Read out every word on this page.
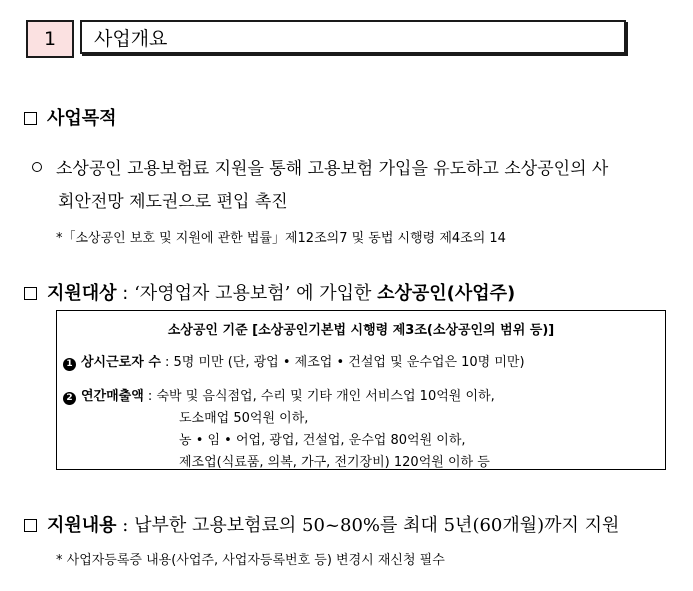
1	사업개요
사업목적
소상공인 고용보험료 지원을 통해 고용보험 가입을 유도하고 소상공인의 사
회안전망 제도권으로 편입 촉진
*「소상공인 보호 및 지원에 관한 법률」제12조의7 및 동법 시행령 제4조의 14
지원대상 : ‘자영업자 고용보험’ 에 가입한 소상공인(사업주)
소상공인 기준 [소상공인기본법 시행령 제3조(소상공인의 범위 등)]
1 상시근로자 수 : 5명 미만 (단, 광업 • 제조업 • 건설업 및 운수업은 10명 미만)
2 연간매출액 : 숙박 및 음식점업, 수리 및 기타 개인 서비스업 10억원 이하,
도소매업 50억원 이하,
농 • 임 • 어업, 광업, 건설업, 운수업 80억원 이하,
제조업(식료품, 의복, 가구, 전기장비) 120억원 이하 등
지원내용 : 납부한 고용보험료의 50~80%를 최대 5년(60개월)까지 지원
* 사업자등록증 내용(사업주, 사업자등록번호 등) 변경시 재신청 필수
